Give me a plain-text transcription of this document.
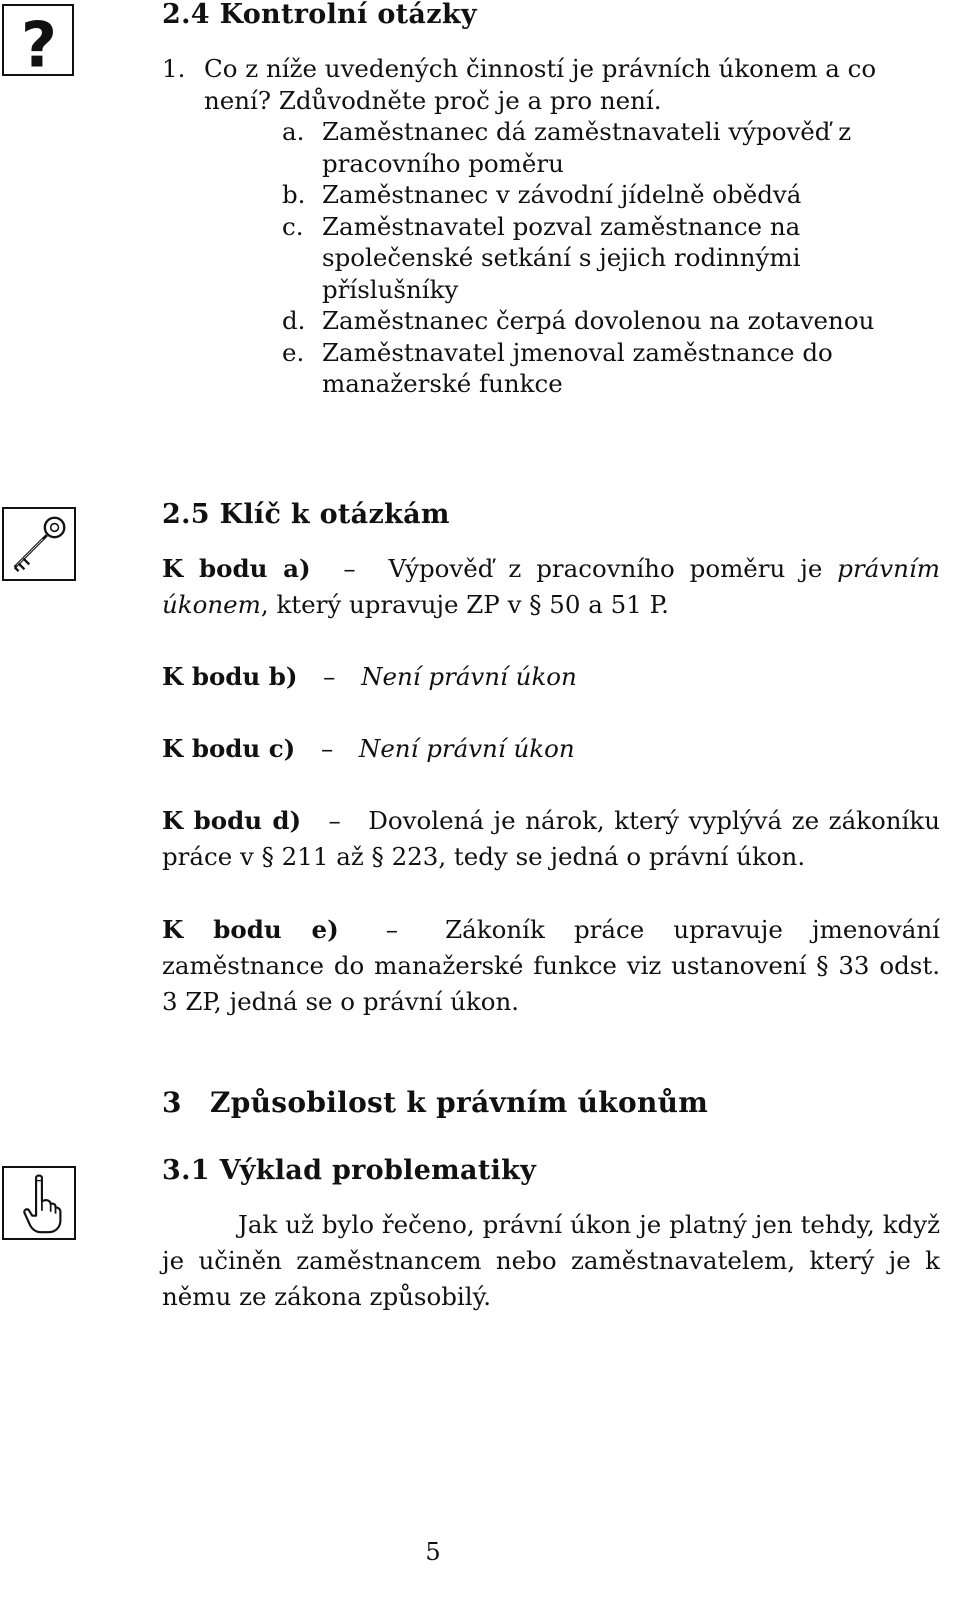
?	2.4 Kontrolní otázky
1. Co z níže uvedených činností je právních úkonem a co není? Zdůvodněte proč je a pro není.
a. Zaměstnanec dá zaměstnavateli výpověď z pracovního poměru
b. Zaměstnanec v závodní jídelně obědvá
c. Zaměstnavatel pozval zaměstnance na společenské setkání s jejich rodinnými příslušníky
d. Zaměstnanec čerpá dovolenou na zotavenou
e. Zaměstnavatel jmenoval zaměstnance do manažerské funkce
2.5 Klíč k otázkám

K bodu a) – Výpověď z pracovního poměru je právním úkonem, který upravuje ZP v § 50 a 51 P.

K bodu b) – Není právní úkon

K bodu c) – Není právní úkon

K bodu d) – Dovolená je nárok, který vyplývá ze zákoníku práce v § 211 až § 223, tedy se jedná o právní úkon.

K bodu e) – Zákoník práce upravuje jmenování zaměstnance do manažerské funkce viz ustanovení § 33 odst. 3 ZP, jedná se o právní úkon.

3 Způsobilost k právním úkonům
3.1 Výklad problematiky

Jak už bylo řečeno, právní úkon je platný jen tehdy, když je učiněn zaměstnancem nebo zaměstnavatelem, který je k němu ze zákona způsobilý.

5
